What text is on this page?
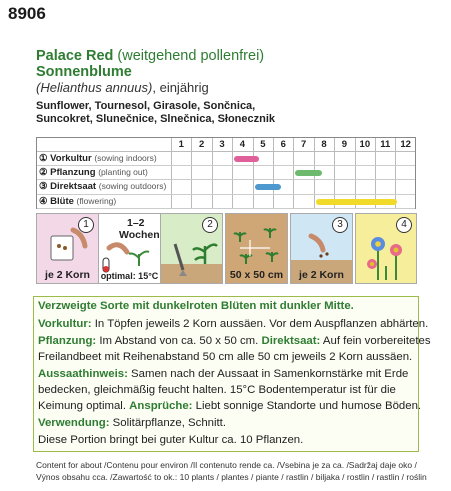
8906
Palace Red (weitgehend pollenfrei)
Sonnenblume
(Helianthus annuus), einjährig
Sunflower, Tournesol, Girasole, Sončnica,
Suncokret, Slunečnice, Slnečnica, Słonecznik
1	2	3	4	5	6	7	8	9	10	11	12
① Vorkultur (sowing indoors)
② Pflanzung (planting out)
③ Direktsaat (sowing outdoors)
④ Blüte (flowering)
1
je 2 Korn
1–2
Wochen
optimal: 15°C
2
50 x 50 cm
3
je 2 Korn
4
Verzweigte Sorte mit dunkelroten Blüten mit dunkler Mitte.
Vorkultur: In Töpfen jeweils 2 Korn aussäen. Vor dem Auspflanzen abhärten.
Pflanzung: Im Abstand von ca. 50 x 50 cm. Direktsaat: Auf fein vorbereitetes
Freilandbeet mit Reihenabstand 50 cm alle 50 cm jeweils 2 Korn aussäen.
Aussaathinweis: Samen nach der Aussaat in Samenkornstärke mit Erde
bedecken, gleichmäßig feucht halten. 15°C Bodentemperatur ist für die
Keimung optimal. Ansprüche: Liebt sonnige Standorte und humose Böden.
Verwendung: Solitärpflanze, Schnitt.
Diese Portion bringt bei guter Kultur ca. 10 Pflanzen.
Content for about /Contenu pour environ /Il contenuto rende ca. /Vsebina je za ca. /Sadržaj daje oko /
Výnos obsahu cca. /Zawartość to ok.: 10 plants / plantes / piante / rastlin / biljaka / rostlin / rastlin / roślin
